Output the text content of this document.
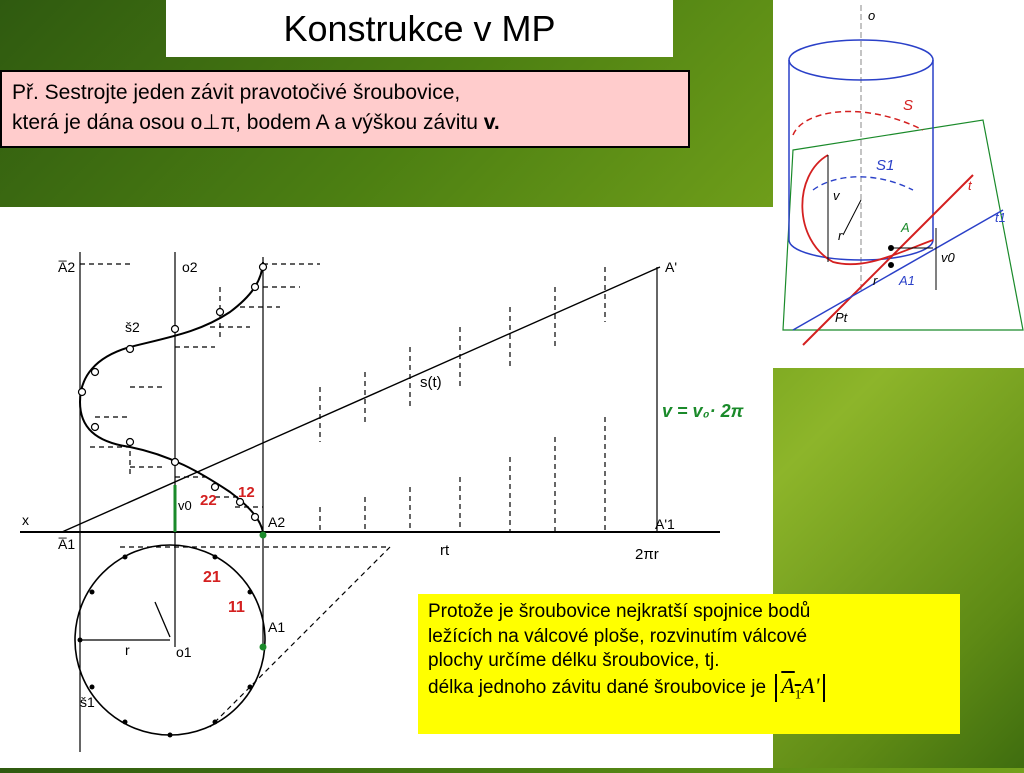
Konstrukce v MP
Př. Sestrojte jeden závit pravotočivé šroubovice,
která je dána osou o⊥π, bodem A a výškou závitu v.
A̅2	o2	A'
š2
s(t)
v = v₀· 2π
v0 22 12
A2
x
A̅1
A'1
rt	2πr
21
11
A1
r	o1
š1
o
S
S1
t
t1
v
r
A
A1
v0
r
Pt
Protože je šroubovice nejkratší spojnice bodů
ležících na válcové ploše, rozvinutím válcové
plochy určíme délku šroubovice, tj.
délka jednoho závitu dané šroubovice je $A_1A'$
